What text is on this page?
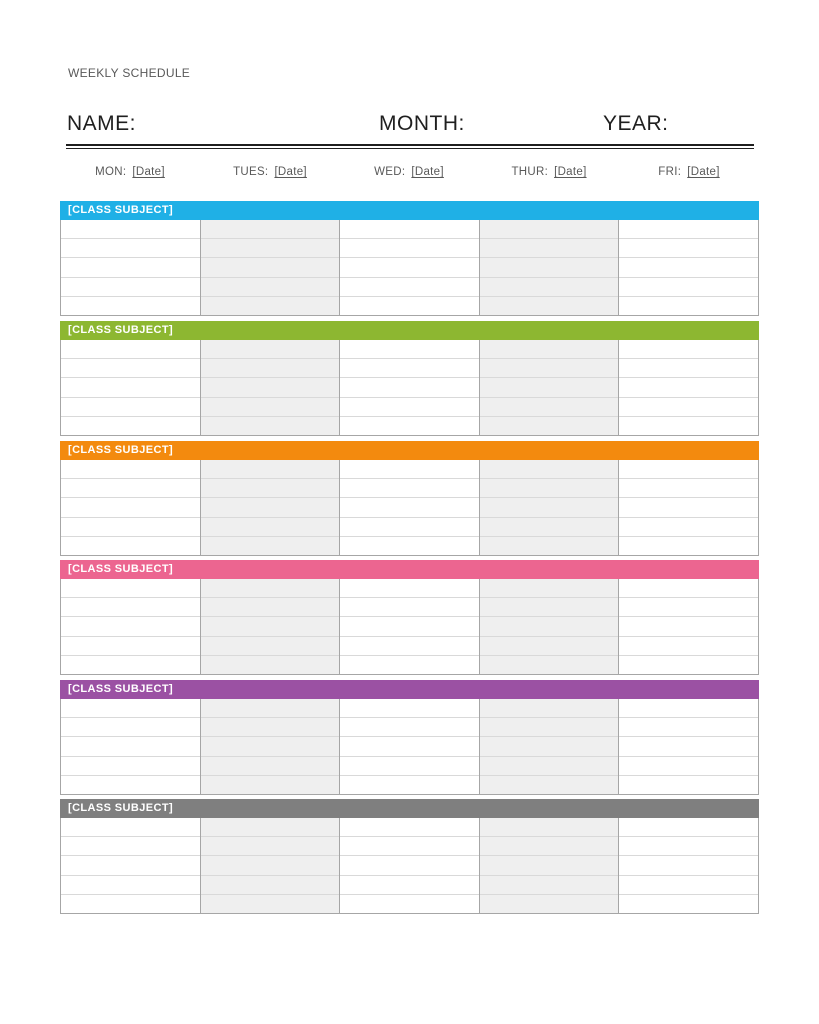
WEEKLY SCHEDULE
NAME:	MONTH:	YEAR:
MON: [Date]	TUES: [Date]	WED: [Date]	THUR: [Date]	FRI: [Date]
[CLASS SUBJECT]
[CLASS SUBJECT]
[CLASS SUBJECT]
[CLASS SUBJECT]
[CLASS SUBJECT]
[CLASS SUBJECT]
